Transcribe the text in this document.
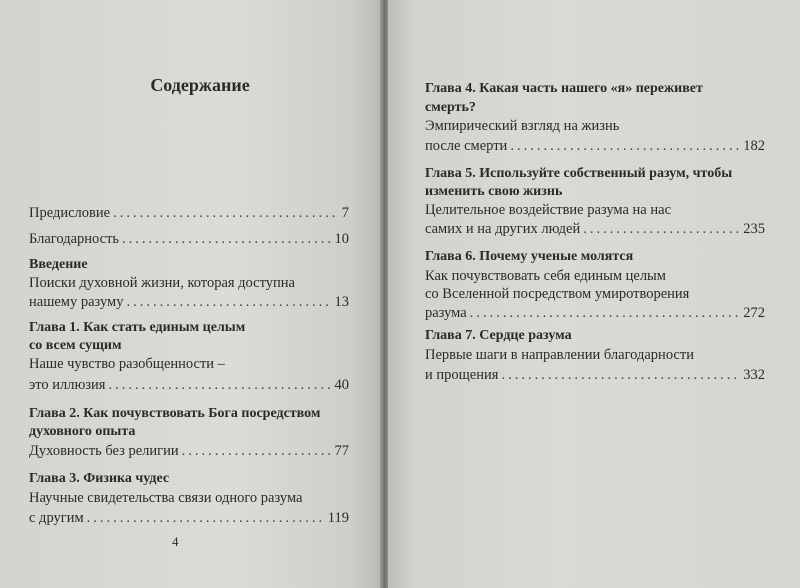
Содержание
Предисловие .....	7
Благодарность .....	10
Введение
Поиски духовной жизни, которая доступна
нашему разуму .....	13
Глава 1. Как стать единым целым
со всем сущим
Наше чувство разобщенности –
это иллюзия .....	40
Глава 2. Как почувствовать Бога посредством
духовного опыта
Духовность без религии .....	77
Глава 3. Физика чудес
Научные свидетельства связи одного разума
с другим .....	119
4
Глава 4. Какая часть нашего «я» переживет
смерть?
Эмпирический взгляд на жизнь
после смерти .....	182
Глава 5. Используйте собственный разум, чтобы
изменить свою жизнь
Целительное воздействие разума на нас
самих и на других людей .....	235
Глава 6. Почему ученые молятся
Как почувствовать себя единым целым
со Вселенной посредством умиротворения
разума .....	272
Глава 7. Сердце разума
Первые шаги в направлении благодарности
и прощения .....	332
